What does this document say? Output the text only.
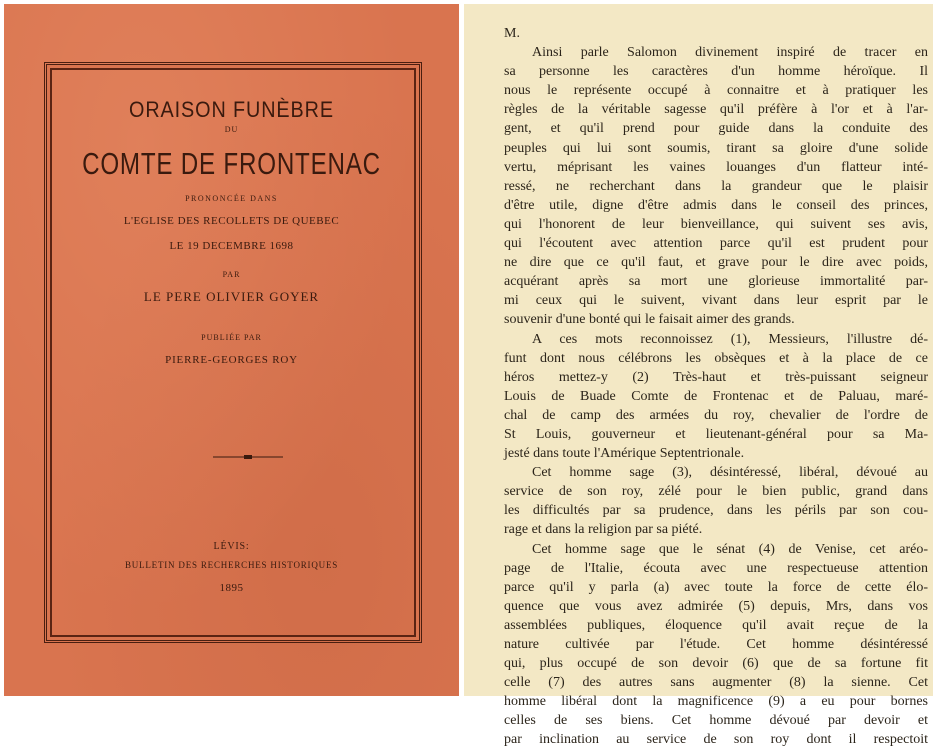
ORAISON FUNÈBRE
DU
COMTE DE FRONTENAC
PRONONCÉE DANS
L'EGLISE DES RECOLLETS DE QUEBEC
LE 19 DECEMBRE 1698
PAR
LE PERE OLIVIER GOYER
PUBLIÉE PAR
PIERRE-GEORGES ROY
LÉVIS:
BULLETIN DES RECHERCHES HISTORIQUES
1895
M.
Ainsi parle Salomon divinement inspiré de tracer en
sa personne les caractères d'un homme héroïque. Il
nous le représente occupé à connaitre et à pratiquer les
règles de la véritable sagesse qu'il préfère à l'or et à l'ar-
gent, et qu'il prend pour guide dans la conduite des
peuples qui lui sont soumis, tirant sa gloire d'une solide
vertu, méprisant les vaines louanges d'un flatteur inté-
ressé, ne recherchant dans la grandeur que le plaisir
d'être utile, digne d'être admis dans le conseil des princes,
qui l'honorent de leur bienveillance, qui suivent ses avis,
qui l'écoutent avec attention parce qu'il est prudent pour
ne dire que ce qu'il faut, et grave pour le dire avec poids,
acquérant après sa mort une glorieuse immortalité par-
mi ceux qui le suivent, vivant dans leur esprit par le
souvenir d'une bonté qui le faisait aimer des grands.
A ces mots reconnoissez (1), Messieurs, l'illustre dé-
funt dont nous célébrons les obsèques et à la place de ce
héros mettez-y (2) Très-haut et très-puissant seigneur
Louis de Buade Comte de Frontenac et de Paluau, maré-
chal de camp des armées du roy, chevalier de l'ordre de
St Louis, gouverneur et lieutenant-général pour sa Ma-
jesté dans toute l'Amérique Septentrionale.
Cet homme sage (3), désintéressé, libéral, dévoué au
service de son roy, zélé pour le bien public, grand dans
les difficultés par sa prudence, dans les périls par son cou-
rage et dans la religion par sa piété.
Cet homme sage que le sénat (4) de Venise, cet aréo-
page de l'Italie, écouta avec une respectueuse attention
parce qu'il y parla (a) avec toute la force de cette élo-
quence que vous avez admirée (5) depuis, Mrs, dans vos
assemblées publiques, éloquence qu'il avait reçue de la
nature cultivée par l'étude. Cet homme désintéressé
qui, plus occupé de son devoir (6) que de sa fortune fit
celle (7) des autres sans augmenter (8) la sienne. Cet
homme libéral dont la magnificence (9) a eu pour bornes
celles de ses biens. Cet homme dévoué par devoir et
par inclination au service de son roy dont il respectoit
